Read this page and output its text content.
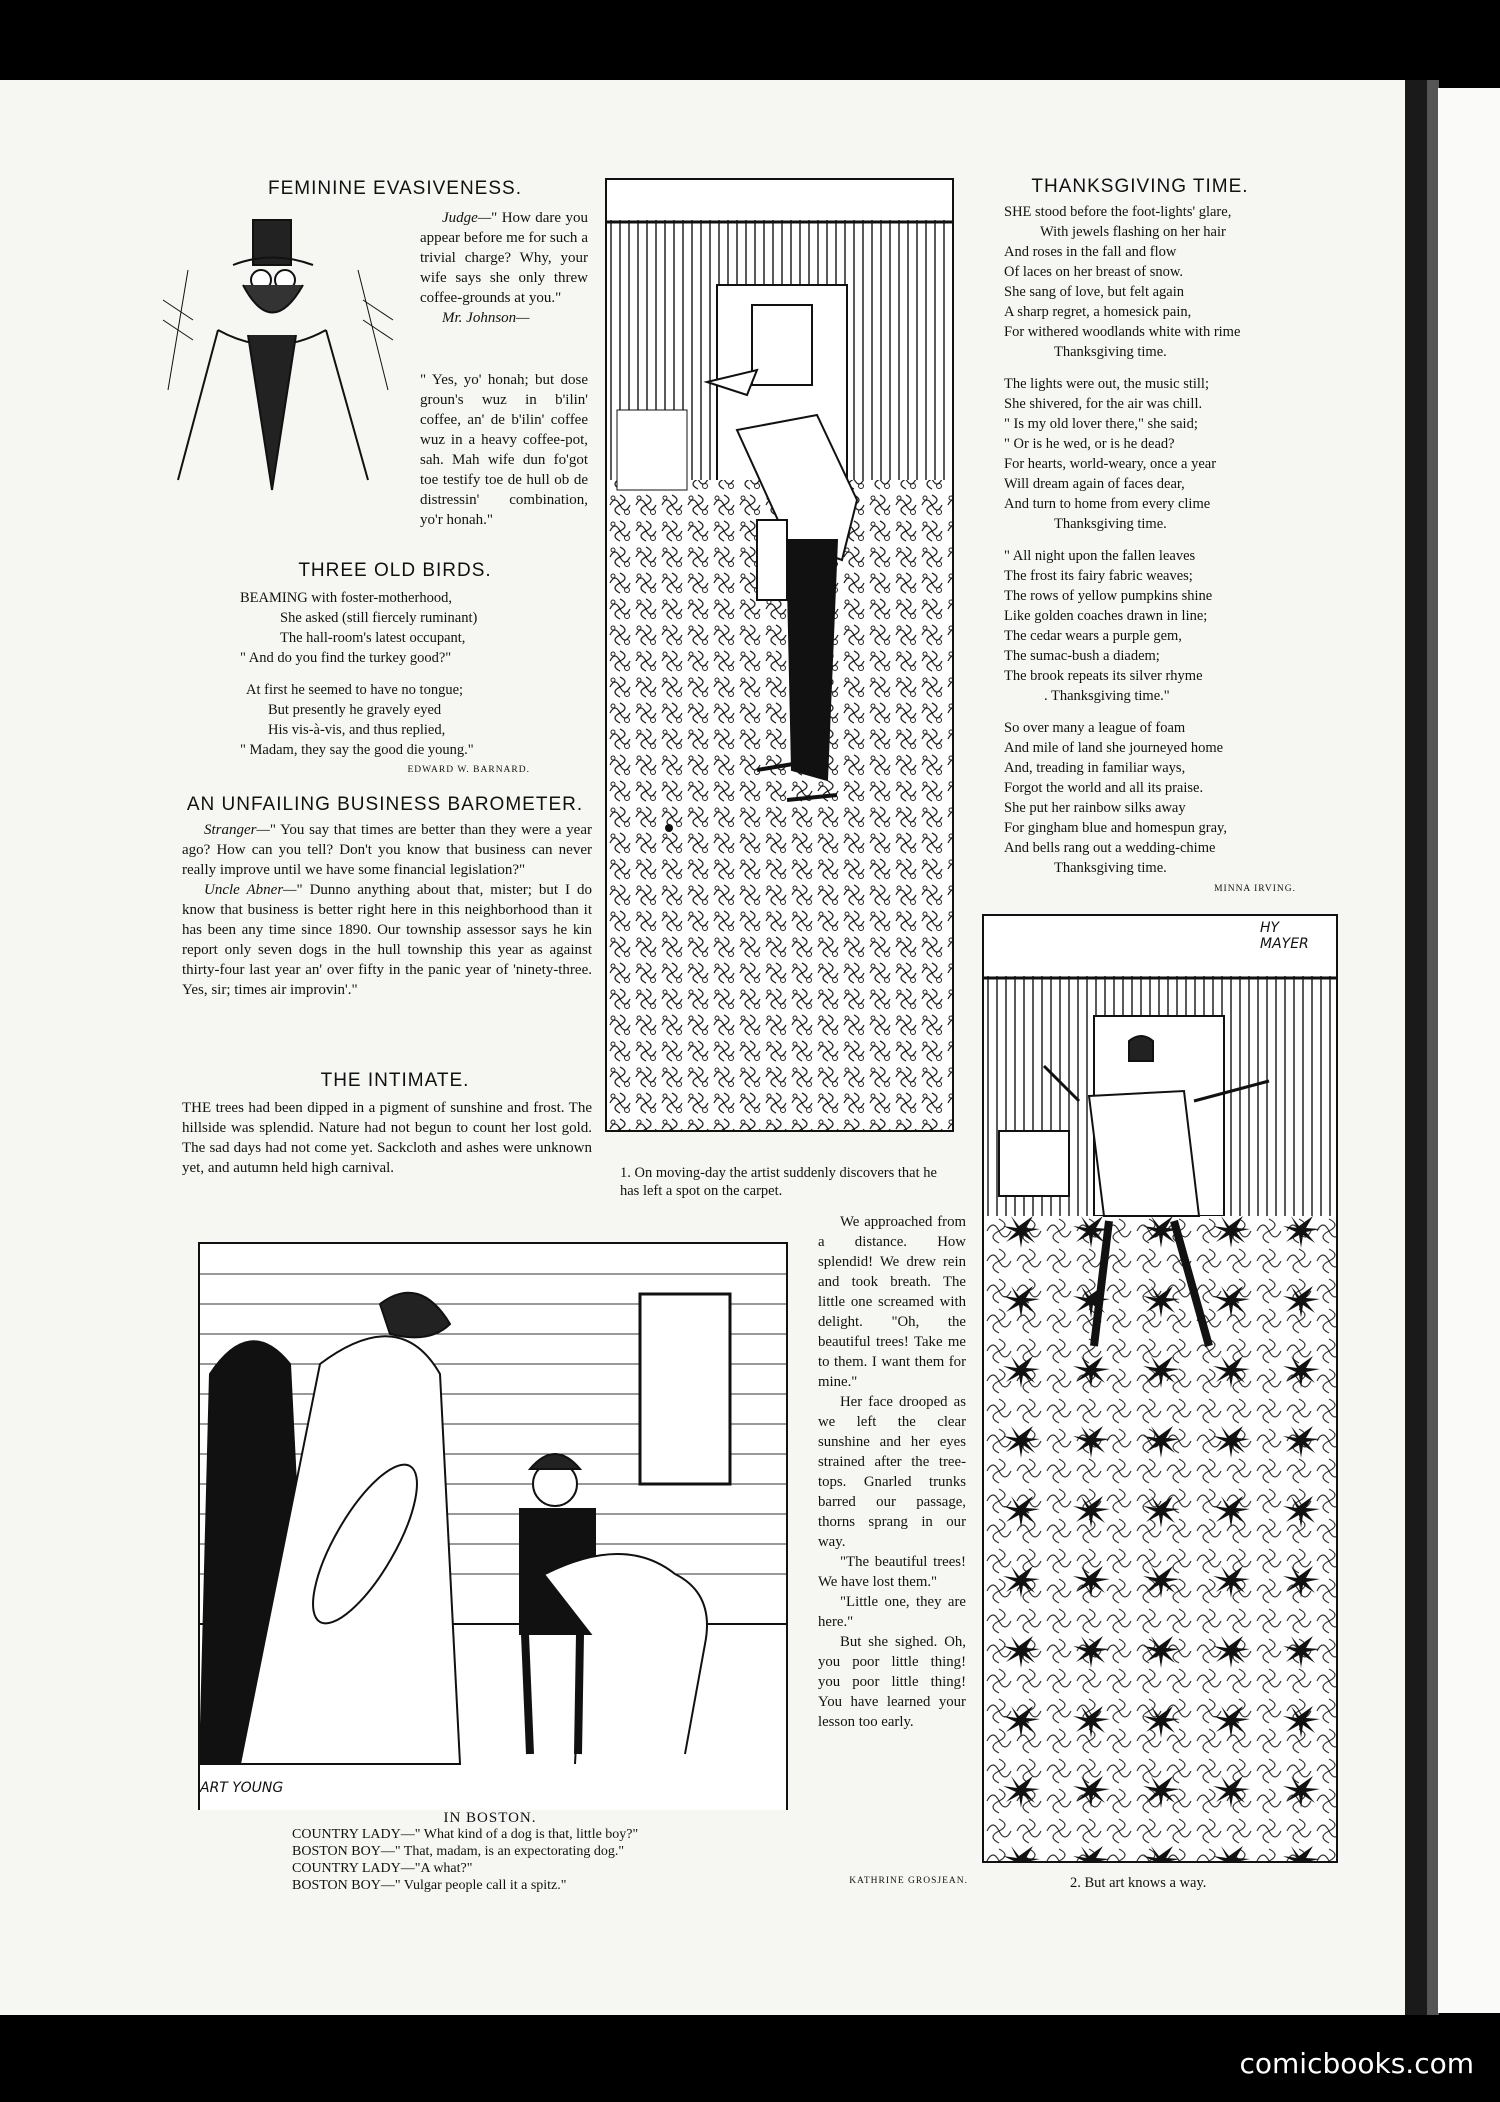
FEMININE EVASIVENESS.

Judge—" How dare you appear before me for such a trivial charge? Why, your wife says she only threw coffee-grounds at you."

Mr. Johnson—

" Yes, yo' honah; but dose groun's wuz in b'ilin' coffee, an' de b'ilin' coffee wuz in a heavy coffee-pot, sah. Mah wife dun fo'got toe testify toe de hull ob de distressin' combination, yo'r honah."

THREE OLD BIRDS.
BEAMING with foster-motherhood,
She asked (still fiercely ruminant)
The hall-room's latest occupant,
" And do you find the turkey good?"
At first he seemed to have no tongue;
But presently he gravely eyed
His vis-à-vis, and thus replied,
" Madam, they say the good die young."
EDWARD W. BARNARD.
AN UNFAILING BUSINESS BAROMETER.

Stranger—" You say that times are better than they were a year ago? How can you tell? Don't you know that business can never really improve until we have some financial legislation?"

Uncle Abner—" Dunno anything about that, mister; but I do know that business is better right here in this neighborhood than it has been any time since 1890. Our township assessor says he kin report only seven dogs in the hull township this year as against thirty-four last year an' over fifty in the panic year of 'ninety-three. Yes, sir; times air improvin'."

THE INTIMATE.

THE trees had been dipped in a pigment of sunshine and frost. The hillside was splendid. Nature had not begun to count her lost gold. The sad days had not come yet. Sackcloth and ashes were unknown yet, and autumn held high carnival.

We approached from a distance. How splendid! We drew rein and took breath. The little one screamed with delight. "Oh, the beautiful trees! Take me to them. I want them for mine."

Her face drooped as we left the clear sunshine and her eyes strained after the tree-tops. Gnarled trunks barred our passage, thorns sprang in our way.

"The beautiful trees! We have lost them."

"Little one, they are here."

But she sighed. Oh, you poor little thing! you poor little thing! You have learned your lesson too early.

KATHRINE GROSJEAN.
1. On moving-day the artist suddenly discovers that he has left a spot on the carpet.
THANKSGIVING TIME.
SHE stood before the foot-lights' glare,
With jewels flashing on her hair
And roses in the fall and flow
Of laces on her breast of snow.
She sang of love, but felt again
A sharp regret, a homesick pain,
For withered woodlands white with rime
Thanksgiving time.
The lights were out, the music still;
She shivered, for the air was chill.
" Is my old lover there," she said;
" Or is he wed, or is he dead?
For hearts, world-weary, once a year
Will dream again of faces dear,
And turn to home from every clime
Thanksgiving time.
" All night upon the fallen leaves
The frost its fairy fabric weaves;
The rows of yellow pumpkins shine
Like golden coaches drawn in line;
The cedar wears a purple gem,
The sumac-bush a diadem;
The brook repeats its silver rhyme
. Thanksgiving time."
So over many a league of foam
And mile of land she journeyed home
And, treading in familiar ways,
Forgot the world and all its praise.
She put her rainbow silks away
For gingham blue and homespun gray,
And bells rang out a wedding-chime
Thanksgiving time.
MINNA IRVING.
HY MAYER
2. But art knows a way.
ART YOUNG
IN BOSTON.
COUNTRY LADY—" What kind of a dog is that, little boy?"
BOSTON BOY—" That, madam, is an expectorating dog."
COUNTRY LADY—"A what?"
BOSTON BOY—" Vulgar people call it a spitz."
comicbooks.com
